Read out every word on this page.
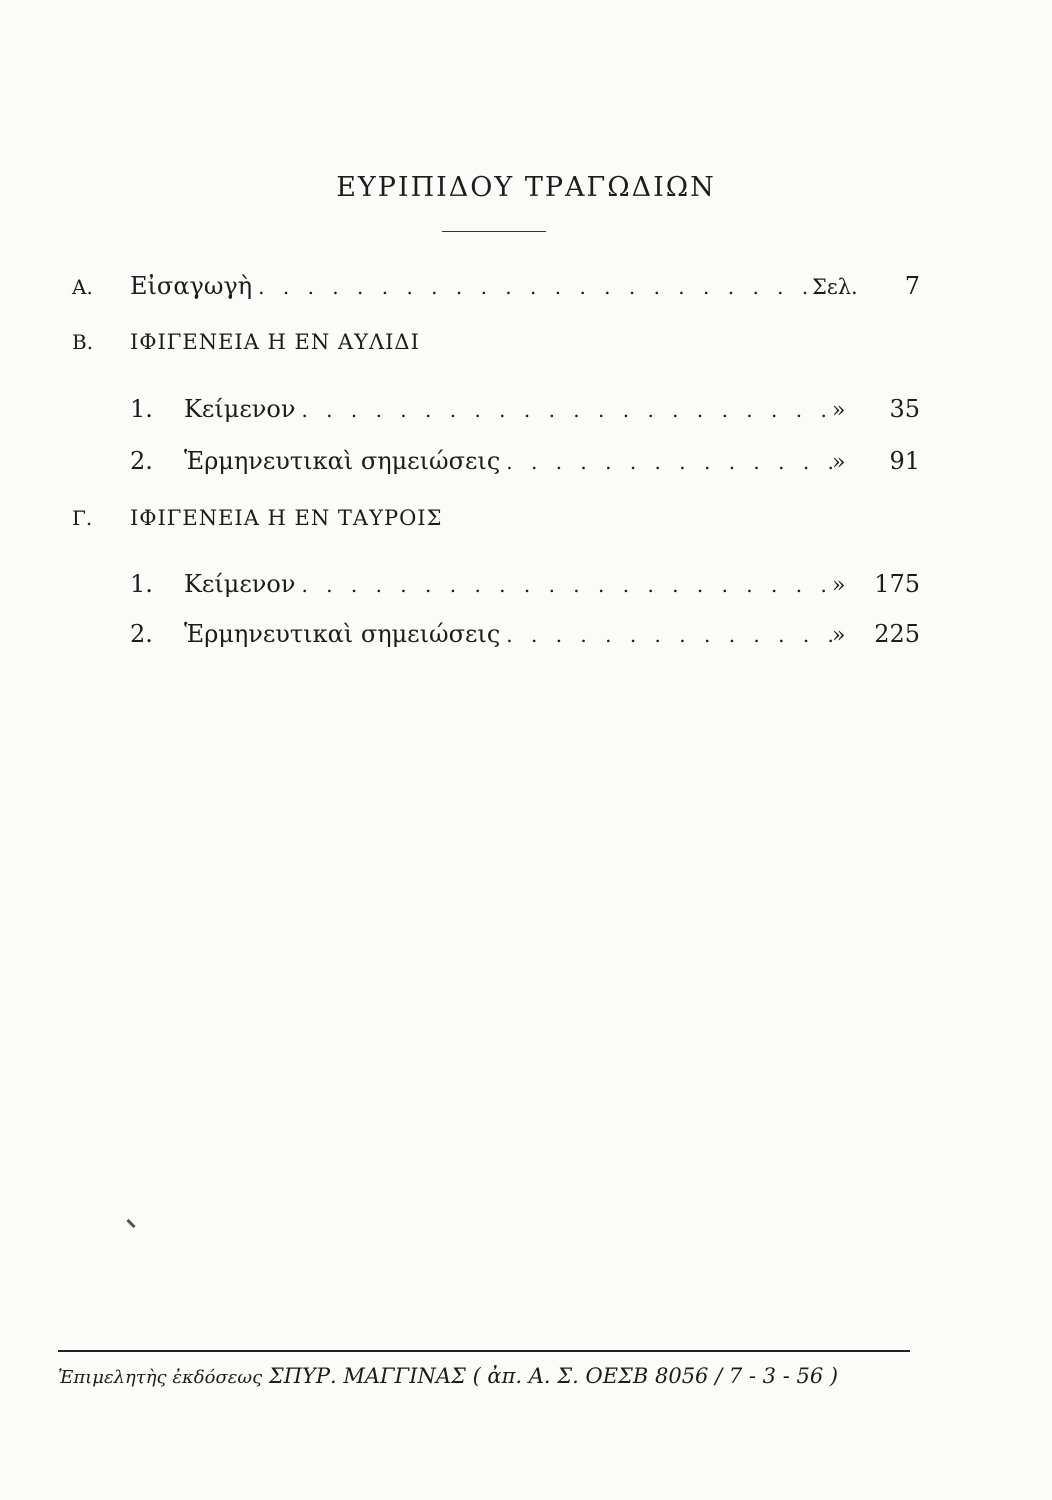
ΕΥΡΙΠΙΔΟΥ ΤΡΑΓΩΔΙΩΝ
Α.	Εἰσαγωγὴ . . .	Σελ.	7
Β.	ΙΦΙΓΕΝΕΙΑ Η ΕΝ ΑΥΛΙΔΙ
1.	Κείμενον . . .	»	35
2.	Ἑρμηνευτικαὶ σημειώσεις . . .	»	91
Γ.	ΙΦΙΓΕΝΕΙΑ Η ΕΝ ΤΑΥΡΟΙΣ
1.	Κείμενον . . .	»	175
2.	Ἑρμηνευτικαὶ σημειώσεις . . .	»	225
Ἐπιμελητὴς ἐκδόσεως ΣΠΥΡ. ΜΑΓΓΙΝΑΣ ( ἀπ. Α. Σ. ΟΕΣΒ 8056 / 7 - 3 - 56 )
